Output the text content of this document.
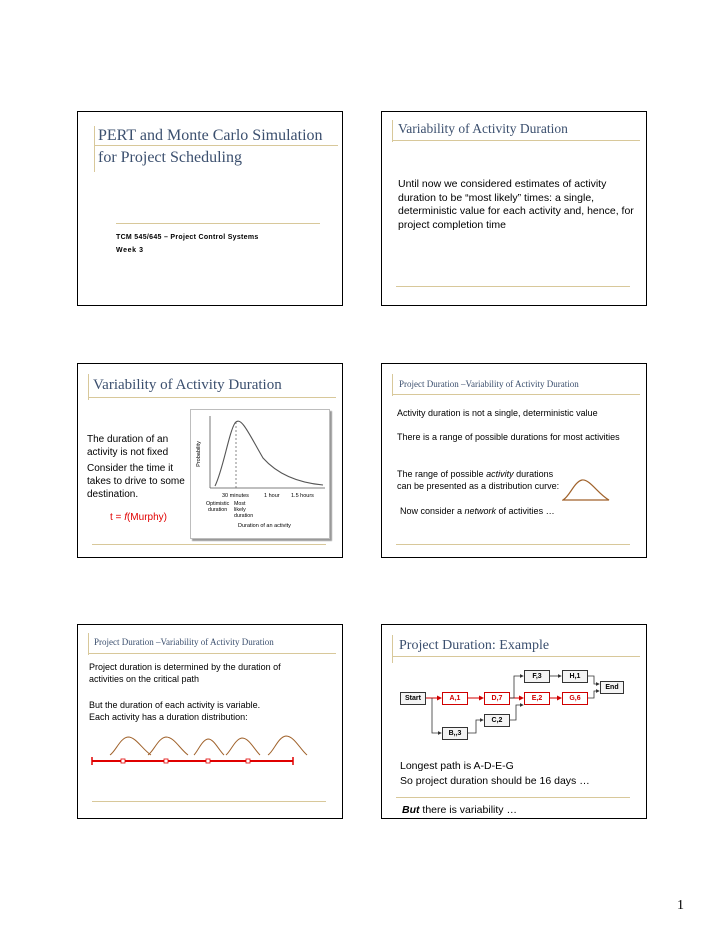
PERT and Monte Carlo Simulation
for Project Scheduling
TCM 545/645 – Project Control Systems
Week 3
Variability of Activity Duration
Until now we considered estimates of activity duration to be “most likely” times: a single, deterministic value for each activity and, hence, for project completion time
Variability of Activity Duration
The duration of an activity is not fixed
Consider the time it takes to drive to some destination.
t = f(Murphy)
Probability
30 minutes	1 hour 1.5 hours
Optimistic
duration
Most
likely
duration
Duration of an activity
Project Duration –Variability of Activity Duration
Activity duration is not a single, deterministic value
There is a range of possible durations for most activities
The range of possible activity durations can be presented as a distribution curve:
Now consider a network of activities …
Project Duration –Variability of Activity Duration
Project duration is determined by the duration of activities on the critical path
But the duration of each activity is variable.
Each activity has a duration distribution:
Project Duration: Example
Start	A,1	D,7	E,2	G,6
F,3	H,1
End
C,2
B,,3
Longest path is A-D-E-G
So project duration should be 16 days …
But there is variability …
1
